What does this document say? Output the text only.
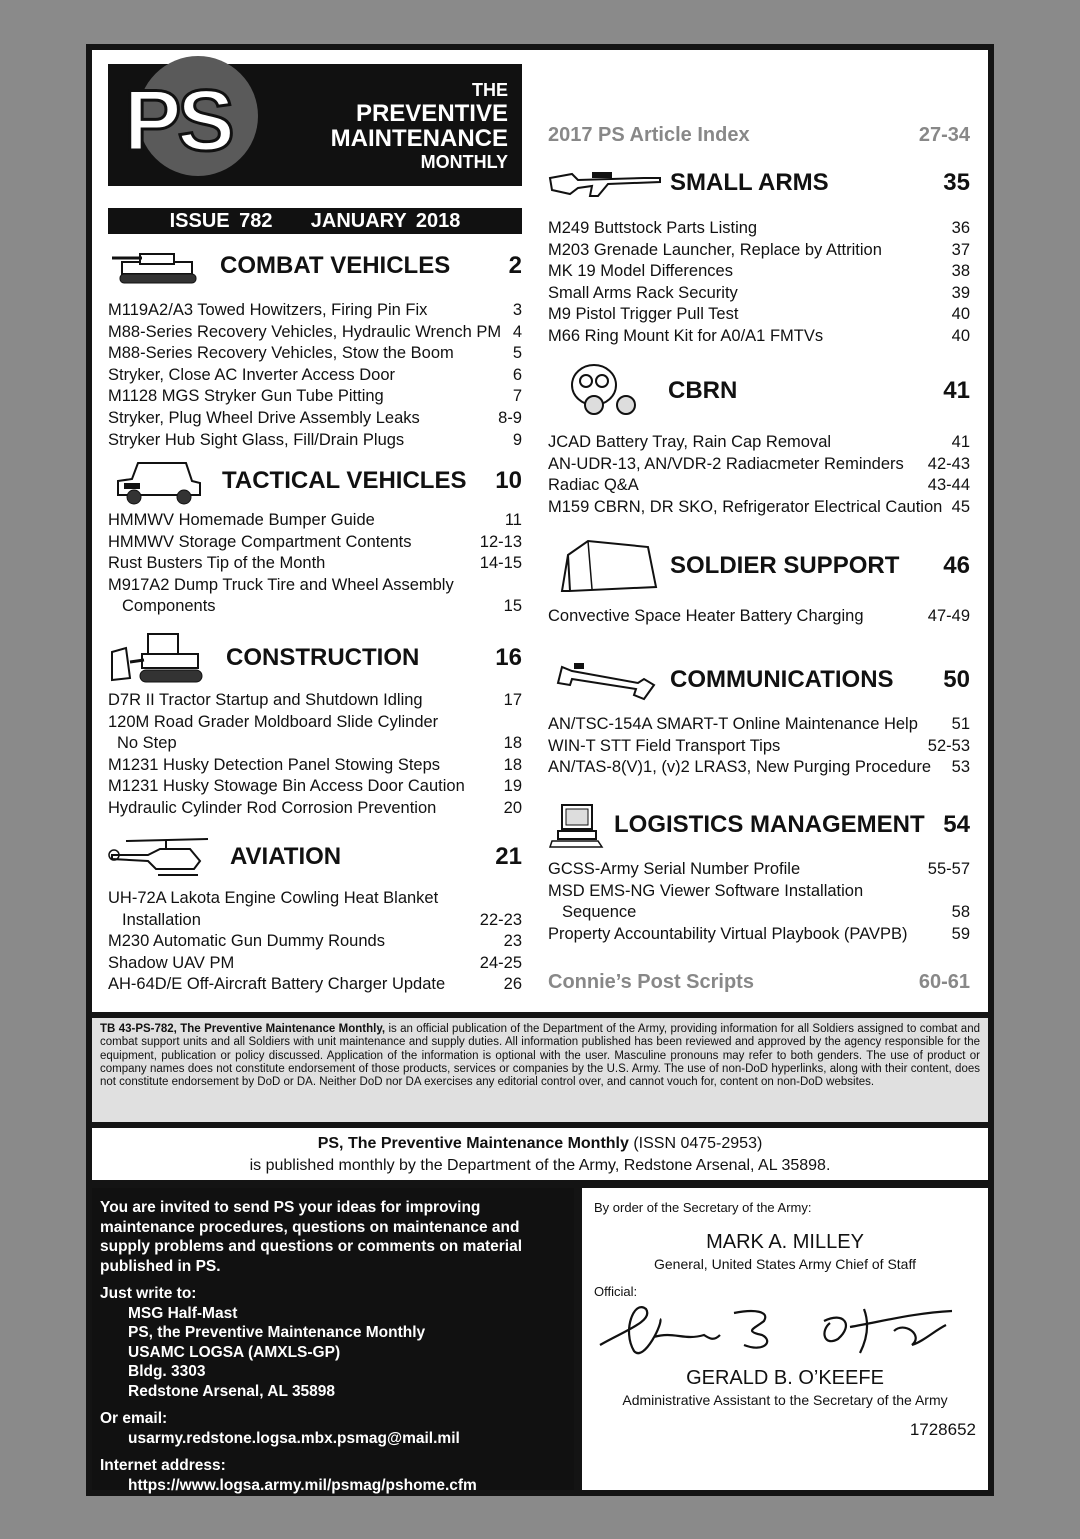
PS	THE
PREVENTIVE
MAINTENANCE
MONTHLY
ISSUE 782 JANUARY 2018
COMBAT VEHICLES 2
M119A2/A3 Towed Howitzers, Firing Pin Fix	3
M88-Series Recovery Vehicles, Hydraulic Wrench PM 4
M88-Series Recovery Vehicles, Stow the Boom	5
Stryker, Close AC Inverter Access Door	6
M1128 MGS Stryker Gun Tube Pitting	7
Stryker, Plug Wheel Drive Assembly Leaks	8-9
Stryker Hub Sight Glass, Fill/Drain Plugs	9
TACTICAL VEHICLES 10
HMMWV Homemade Bumper Guide	11
HMMWV Storage Compartment Contents	12-13
Rust Busters Tip of the Month	14-15
M917A2 Dump Truck Tire and Wheel Assembly
Components	15
CONSTRUCTION	16
D7R II Tractor Startup and Shutdown Idling	17
120M Road Grader Moldboard Slide Cylinder
No Step	18
M1231 Husky Detection Panel Stowing Steps	18
M1231 Husky Stowage Bin Access Door Caution	19
Hydraulic Cylinder Rod Corrosion Prevention	20
AVIATION	21
UH-72A Lakota Engine Cowling Heat Blanket
Installation	22-23
M230 Automatic Gun Dummy Rounds	23
Shadow UAV PM	24-25
AH-64D/E Off-Aircraft Battery Charger Update	26
2017 PS Article Index	27-34
SMALL ARMS	35
M249 Buttstock Parts Listing	36
M203 Grenade Launcher, Replace by Attrition	37
MK 19 Model Differences	38
Small Arms Rack Security	39
M9 Pistol Trigger Pull Test	40
M66 Ring Mount Kit for A0/A1 FMTVs	40
CBRN	41
JCAD Battery Tray, Rain Cap Removal	41
AN-UDR-13, AN/VDR-2 Radiacmeter Reminders	42-43
Radiac Q&A	43-44
M159 CBRN, DR SKO, Refrigerator Electrical Caution 45
SOLDIER SUPPORT 46
Convective Space Heater Battery Charging	47-49
COMMUNICATIONS 50
AN/TSC-154A SMART-T Online Maintenance Help	51
WIN-T STT Field Transport Tips	52-53
AN/TAS-8(V)1, (v)2 LRAS3, New Purging Procedure	53
LOGISTICS MANAGEMENT 54
GCSS-Army Serial Number Profile	55-57
MSD EMS-NG Viewer Software Installation
Sequence	58
Property Accountability Virtual Playbook (PAVPB)	59
Connie’s Post Scripts	60-61
TB 43-PS-782, The Preventive Maintenance Monthly, is an official publication of the Department of the Army, providing information for all Soldiers assigned to combat and combat support units and all Soldiers with unit maintenance and supply duties. All information published has been reviewed and approved by the agency responsible for the equipment, publication or policy discussed. Application of the information is optional with the user. Masculine pronouns may refer to both genders. The use of product or company names does not constitute endorsement of those products, services or companies by the U.S. Army. The use of non-DoD hyperlinks, along with their content, does not constitute endorsement by DoD or DA. Neither DoD nor DA exercises any editorial control over, and cannot vouch for, content on non-DoD websites.
PS, The Preventive Maintenance Monthly (ISSN 0475-2953)
is published monthly by the Department of the Army, Redstone Arsenal, AL 35898.
You are invited to send PS your ideas for improving maintenance procedures, questions on maintenance and supply problems and questions or comments on material published in PS.
Just write to:
MSG Half-Mast
PS, the Preventive Maintenance Monthly
USAMC LOGSA (AMXLS-GP)
Bldg. 3303
Redstone Arsenal, AL 35898
Or email:
usarmy.redstone.logsa.mbx.psmag@mail.mil
Internet address:
https://www.logsa.army.mil/psmag/pshome.cfm
By order of the Secretary of the Army:
MARK A. MILLEY
General, United States Army Chief of Staff
Official:
GERALD B. O’KEEFE
Administrative Assistant to the Secretary of the Army
1728652
